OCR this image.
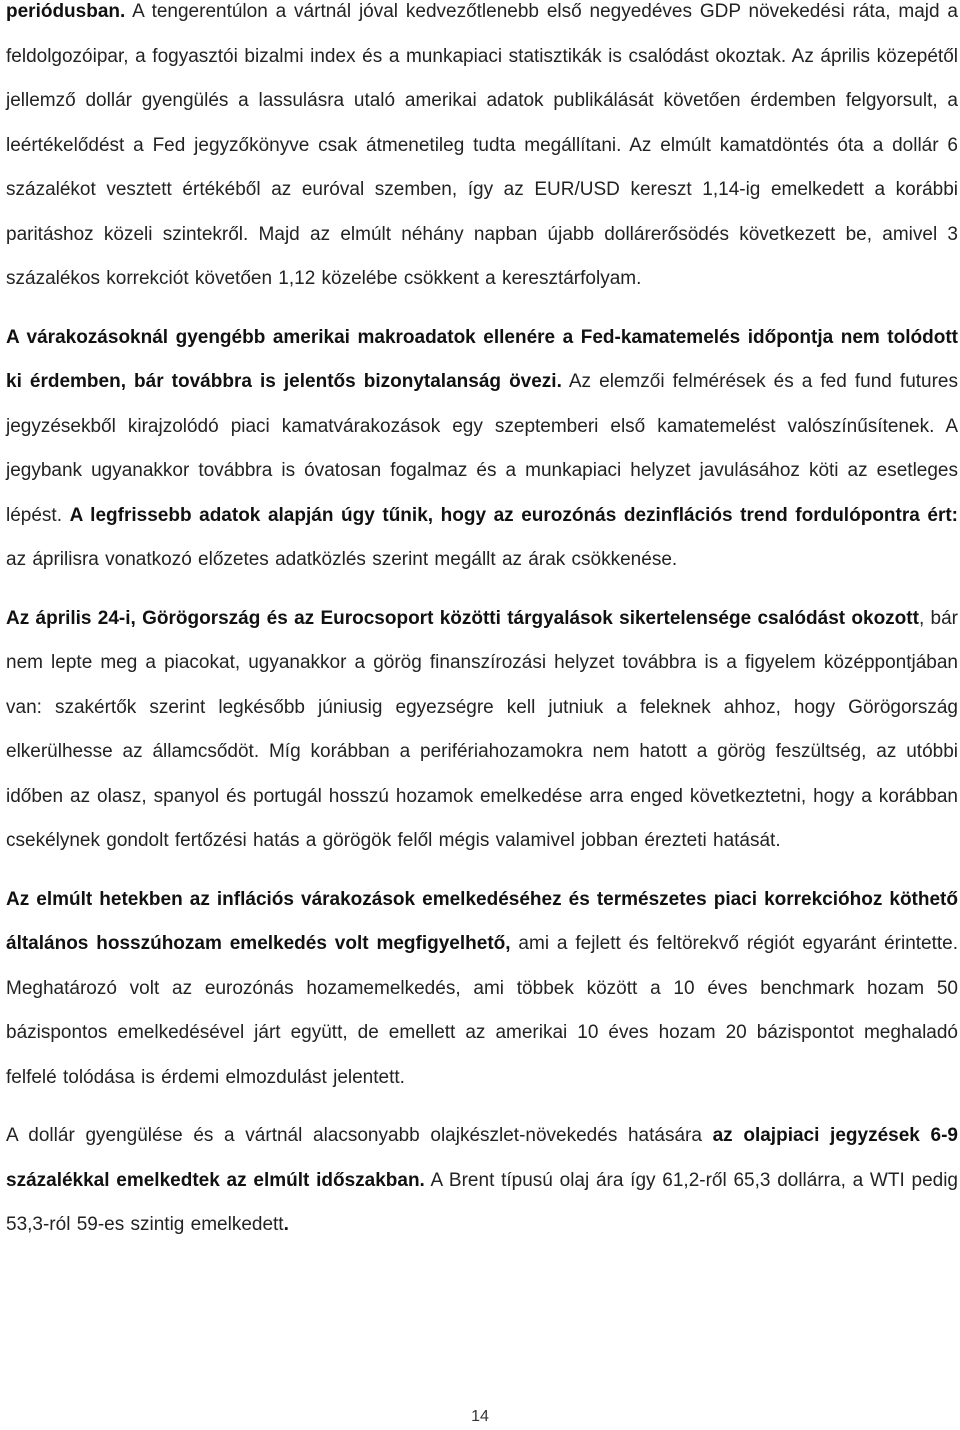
periódusban. A tengerentúlon a vártnál jóval kedvezőtlenebb első negyedéves GDP növekedési ráta, majd a feldolgozóipar, a fogyasztói bizalmi index és a munkapiaci statisztikák is csalódást okoztak. Az április közepétől jellemző dollár gyengülés a lassulásra utaló amerikai adatok publikálását követően érdemben felgyorsult, a leértékelődést a Fed jegyzőkönyve csak átmenetileg tudta megállítani. Az elmúlt kamatdöntés óta a dollár 6 százalékot vesztett értékéből az euróval szemben, így az EUR/USD kereszt 1,14-ig emelkedett a korábbi paritáshoz közeli szintekről. Majd az elmúlt néhány napban újabb dollárerősödés következett be, amivel 3 százalékos korrekciót követően 1,12 közelébe csökkent a keresztárfolyam.

A várakozásoknál gyengébb amerikai makroadatok ellenére a Fed-kamatemelés időpontja nem tolódott ki érdemben, bár továbbra is jelentős bizonytalanság övezi. Az elemzői felmérések és a fed fund futures jegyzésekből kirajzolódó piaci kamatvárakozások egy szeptemberi első kamatemelést valószínűsítenek. A jegybank ugyanakkor továbbra is óvatosan fogalmaz és a munkapiaci helyzet javulásához köti az esetleges lépést. A legfrissebb adatok alapján úgy tűnik, hogy az eurozónás dezinflációs trend fordulópontra ért: az áprilisra vonatkozó előzetes adatközlés szerint megállt az árak csökkenése.

Az április 24-i, Görögország és az Eurocsoport közötti tárgyalások sikertelensége csalódást okozott, bár nem lepte meg a piacokat, ugyanakkor a görög finanszírozási helyzet továbbra is a figyelem középpontjában van: szakértők szerint legkésőbb júniusig egyezségre kell jutniuk a feleknek ahhoz, hogy Görögország elkerülhesse az államcsődöt. Míg korábban a perifériahozamokra nem hatott a görög feszültség, az utóbbi időben az olasz, spanyol és portugál hosszú hozamok emelkedése arra enged következtetni, hogy a korábban csekélynek gondolt fertőzési hatás a görögök felől mégis valamivel jobban érezteti hatását.

Az elmúlt hetekben az inflációs várakozások emelkedéséhez és természetes piaci korrekcióhoz köthető általános hosszúhozam emelkedés volt megfigyelhető, ami a fejlett és feltörekvő régiót egyaránt érintette. Meghatározó volt az eurozónás hozamemelkedés, ami többek között a 10 éves benchmark hozam 50 bázispontos emelkedésével járt együtt, de emellett az amerikai 10 éves hozam 20 bázispontot meghaladó felfelé tolódása is érdemi elmozdulást jelentett.

A dollár gyengülése és a vártnál alacsonyabb olajkészlet-növekedés hatására az olajpiaci jegyzések 6-9 százalékkal emelkedtek az elmúlt időszakban. A Brent típusú olaj ára így 61,2-ről 65,3 dollárra, a WTI pedig 53,3-ról 59-es szintig emelkedett.

14
